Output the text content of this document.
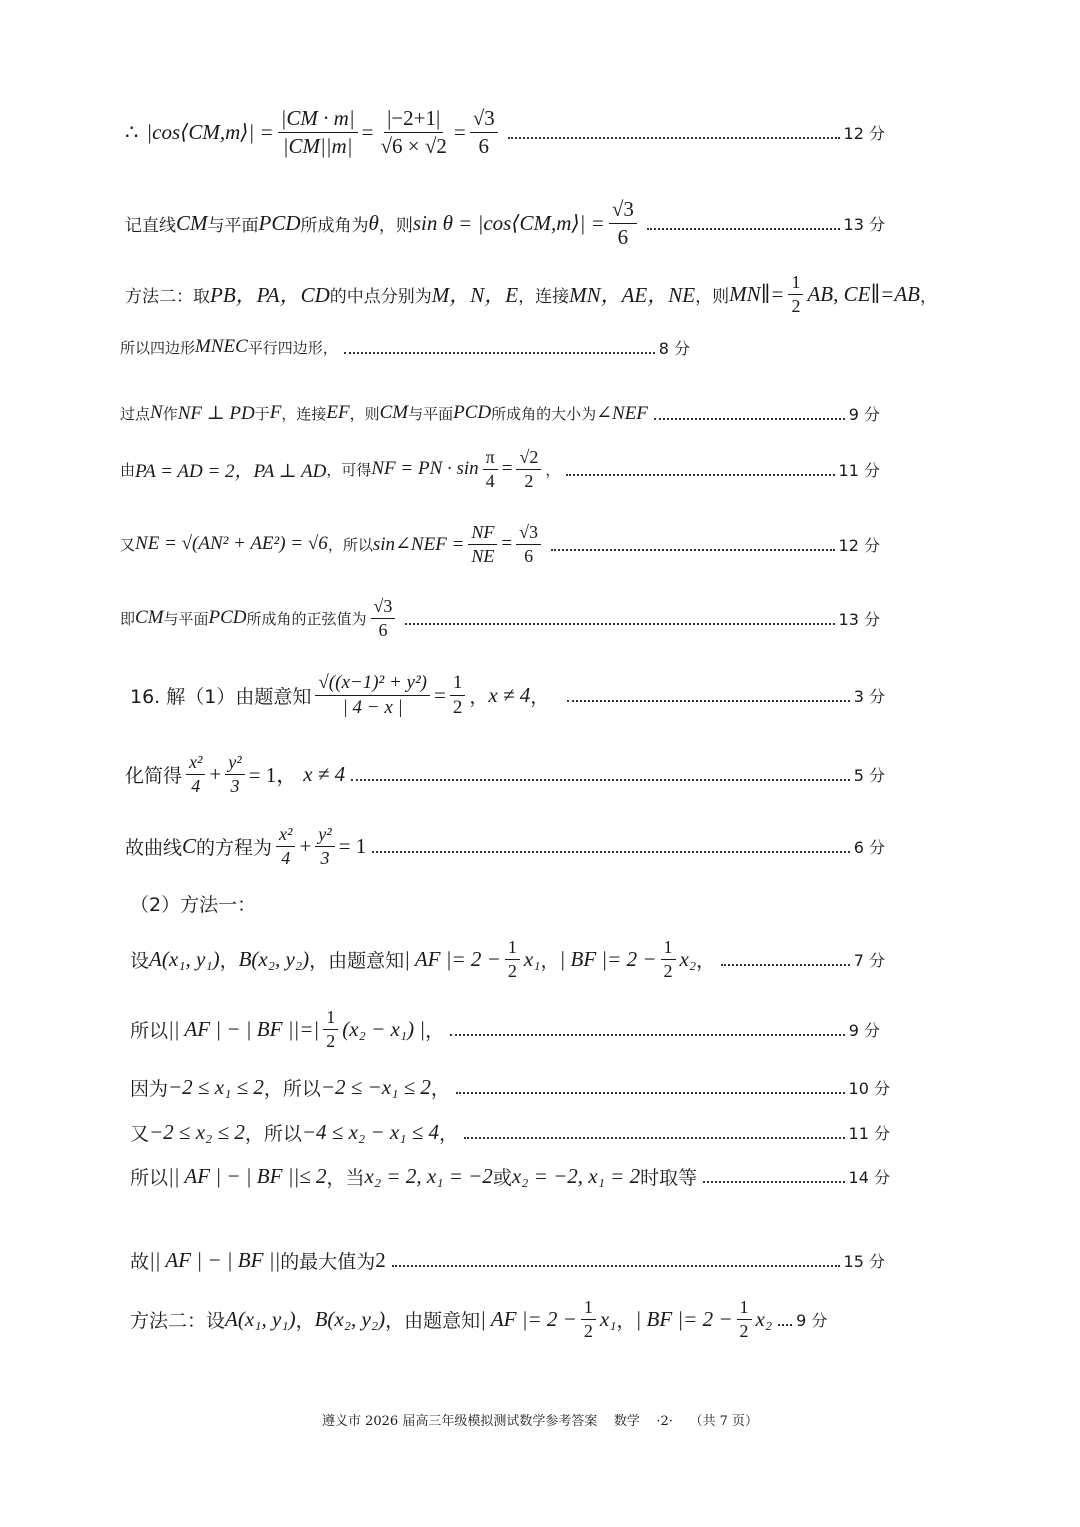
∴ |cos⟨CM,m⟩| = $\frac{|CM \cdot m|}{|CM||m|} = \frac{|-2+1|}{√6 \times √2} = \frac{√3}{6}$	12 分
记直线 CM 与平面 PCD 所成角为 θ ，则 sin θ = |cos⟨CM,m⟩| = $\frac{√3}{6}$	13 分
方法二：取 PB，PA，CD 的中点分别为 M，N，E ，连接 MN，AE，NE ，则 MN∥= $\frac{1}{2}$ AB, CE∥=AB ，
所以四边形 MNEC 平行四边形，	8 分
过点 N 作 NF ⊥ PD 于 F ，连接 EF ，则 CM 与平面 PCD 所成角的大小为 ∠NEF	9 分
由 PA = AD = 2，PA ⊥ AD ，可得 NF = PN · $\sin \frac{\pi}{4} = \frac{√2}{2}$ ，	11 分
又 NE = √(AN² + AE²) = √6 ，所以 sin∠NEF = $\frac{NF}{NE} = \frac{√3}{6}$	12 分
即 CM 与平面 PCD 所成角的正弦值为 $\frac{√3}{6}$	13 分
16. 解（1）由题意知 $\frac{\text{√((x−1)² + y²)}}{| 4 - x |} = \frac{1}{2}$ ， x ≠ 4 ，	3 分
化简得 $\frac{\text{x²}}{4} + \frac{\text{y²}}{3} = 1$， x ≠ 4	5 分
故曲线 C 的方程为 $\frac{\text{x²}}{4} + \frac{\text{y²}}{3} = 1$	6 分
（2）方法一：
设 A(x₁, y₁) ， B(x₂, y₂) ，由题意知 | AF |= $2 - \frac{1}{2} x_1$ ， | BF |= $2 - \frac{1}{2} x_2$ ，	7 分
所以 || AF | − | BF ||=| $\frac{1}{2} (x_2 - x_1)$ | ，	9 分
因为 −2 ≤ x₁ ≤ 2 ，所以 −2 ≤ −x₁ ≤ 2 ，	10 分
又 −2 ≤ x₂ ≤ 2 ，所以 −4 ≤ x₂ − x₁ ≤ 4 ，	11 分
所以 || AF | − | BF ||≤ 2 ，当 x₂ = 2, x₁ = −2 或 x₂ = −2, x₁ = 2 时取等	14 分
故 || AF | − | BF || 的最大值为 2	15 分
方法二：设 A(x₁, y₁) ， B(x₂, y₂) ，由题意知 | AF |= $2 - \frac{1}{2} x_1$ ， | BF |= $2 - \frac{1}{2} x_2$ 9 分
遵义市 2026 届高三年级模拟测试数学参考答案    数学    ·2·    （共 7 页）
